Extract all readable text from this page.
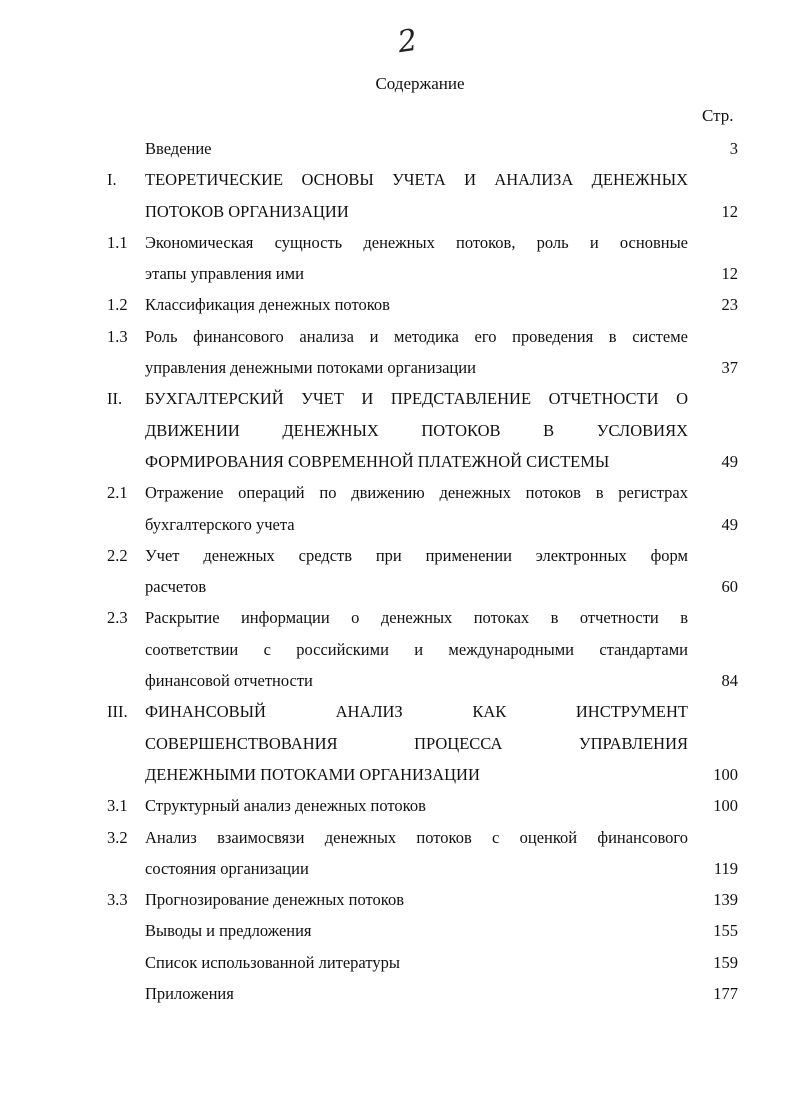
2
Содержание
Стр.
Введение	3
I. ТЕОРЕТИЧЕСКИЕ ОСНОВЫ УЧЕТА И АНАЛИЗА ДЕНЕЖНЫХ
ПОТОКОВ ОРГАНИЗАЦИИ	12
1.1 Экономическая сущность денежных потоков, роль и основные
этапы управления ими	12
1.2 Классификация денежных потоков	23
1.3 Роль финансового анализа и методика его проведения в системе
управления денежными потоками организации	37
II. БУХГАЛТЕРСКИЙ УЧЕТ И ПРЕДСТАВЛЕНИЕ ОТЧЕТНОСТИ О
ДВИЖЕНИИ ДЕНЕЖНЫХ ПОТОКОВ В УСЛОВИЯХ
ФОРМИРОВАНИЯ СОВРЕМЕННОЙ ПЛАТЕЖНОЙ СИСТЕМЫ	49
2.1 Отражение операций по движению денежных потоков в регистрах
бухгалтерского учета	49
2.2 Учет денежных средств при применении электронных форм
расчетов	60
2.3 Раскрытие информации о денежных потоках в отчетности в
соответствии с российскими и международными стандартами
финансовой отчетности	84
III. ФИНАНСОВЫЙ АНАЛИЗ КАК ИНСТРУМЕНТ
СОВЕРШЕНСТВОВАНИЯ ПРОЦЕССА УПРАВЛЕНИЯ
ДЕНЕЖНЫМИ ПОТОКАМИ ОРГАНИЗАЦИИ	100
3.1 Структурный анализ денежных потоков	100
3.2 Анализ взаимосвязи денежных потоков с оценкой финансового
состояния организации	119
3.3 Прогнозирование денежных потоков	139
Выводы и предложения	155
Список использованной литературы	159
Приложения	177
